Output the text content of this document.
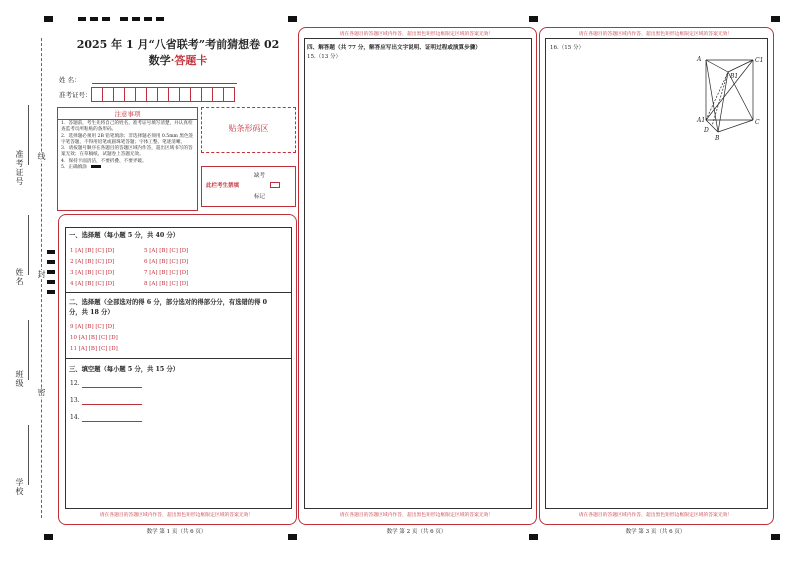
准考证号
姓名
班级
学校
线
封
密
2025 年 1 月“八省联考”考前猜想卷 02
数学·答题卡
姓 名：
准考证号：
注意事项
1．答题前，考生先将自己的姓名，准考证号填写清楚，并认真检查监考员所粘贴的条形码。
2．选择题必须用 2B 铅笔填涂；非选择题必须用 0.5mm 黑色签字笔答题，不得用铅笔或圆珠笔答题；字体工整、笔迹清晰。
3．请按题号顺序在各题目的答题区域内作答，超出区域书写的答案无效；在草稿纸、试题卷上答题无效。
4．保持卡面清洁，不要折叠、不要弄破。
5．正确填涂
贴条形码区
此栏考生禁填
缺考
标记
一、选择题（每小题 5 分，共 40 分）
1 [A] [B] [C] [D]
2 [A] [B] [C] [D]
3 [A] [B] [C] [D]
4 [A] [B] [C] [D]
5 [A] [B] [C] [D]
6 [A] [B] [C] [D]
7 [A] [B] [C] [D]
8 [A] [B] [C] [D]
二、选择题（全部选对的得 6 分，部分选对的得部分分，有选错的得 0
分，共 18 分）
9 [A] [B] [C] [D]
10 [A] [B] [C] [D]
11 [A] [B] [C] [D]
三、填空题（每小题 5 分，共 15 分）
12.
13.
14.
请在各题目的答题区域内作答，超出黑色矩形边框限定区域的答案无效！
数学 第 1 页（共 6 页）
请在各题目的答题区域内作答，超出黑色矩形边框限定区域的答案无效！
四、解答题（共 77 分，解答应写出文字说明、证明过程或演算步骤）
15.（13 分）
请在各题目的答题区域内作答，超出黑色矩形边框限定区域的答案无效！
数学 第 2 页（共 6 页）
请在各题目的答题区域内作答，超出黑色矩形边框限定区域的答案无效！
16.（15 分）
A	C1
B1
A1
D
C
B
请在各题目的答题区域内作答，超出黑色矩形边框限定区域的答案无效！
数学 第 3 页（共 6 页）
